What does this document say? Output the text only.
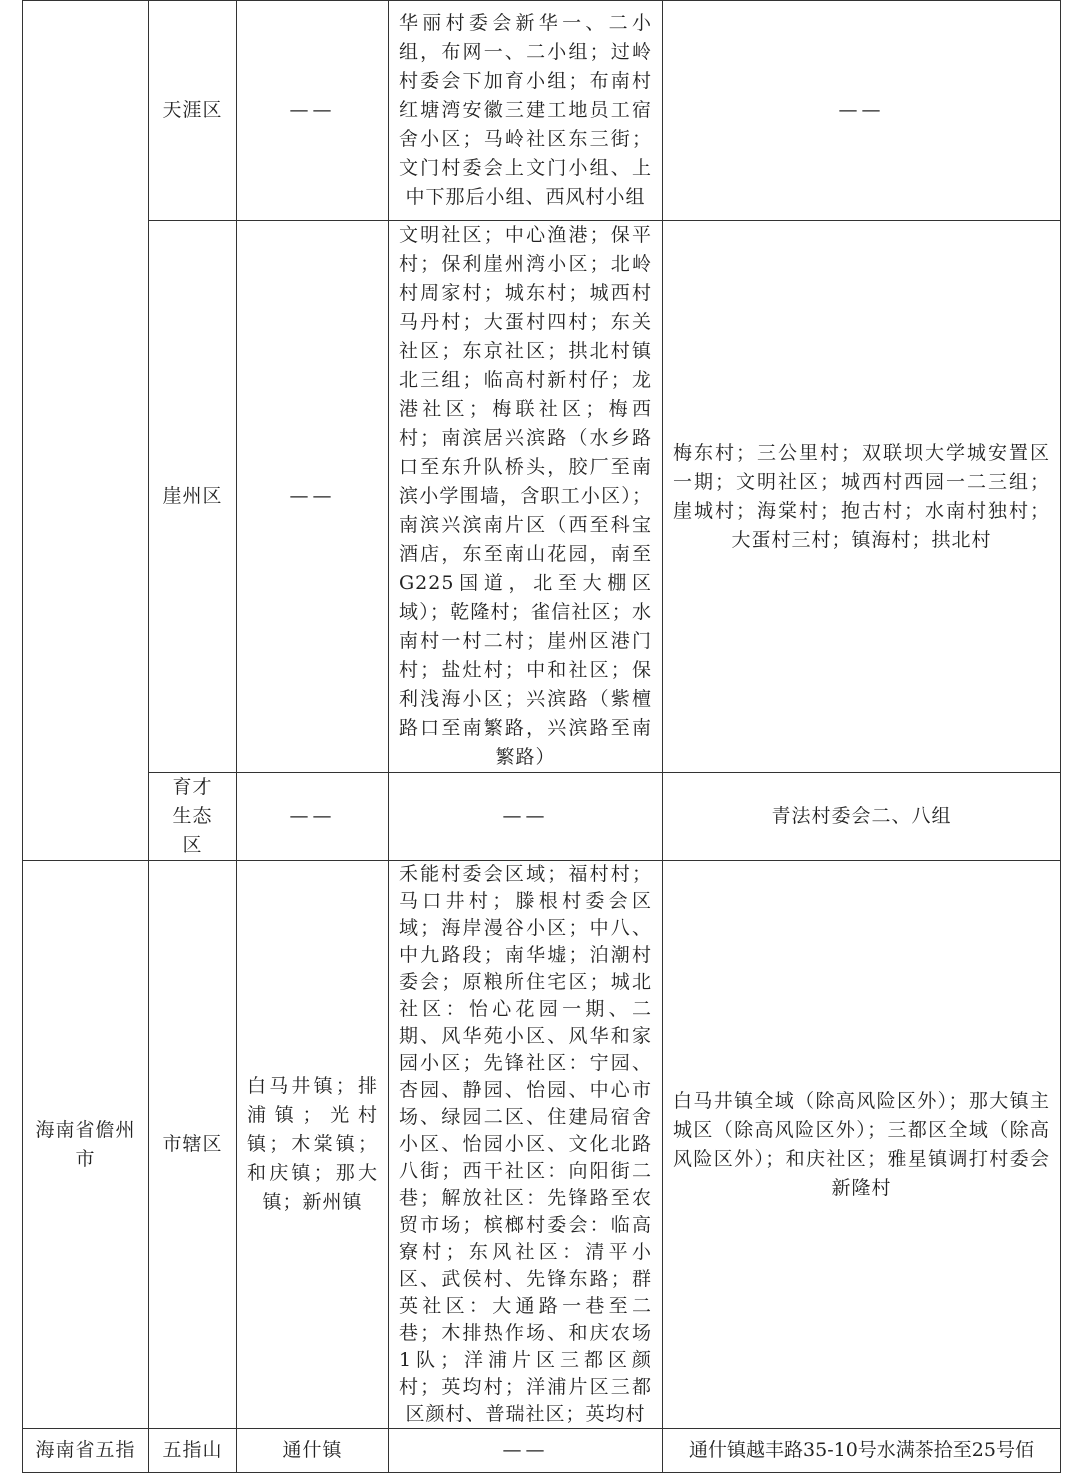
	天涯区	——	华丽村委会新华一、二小组，布网一、二小组；过岭村委会下加育小组；布南村红塘湾安徽三建工地员工宿舍小区；马岭社区东三街；文门村委会上文门小组、上中下那后小组、西风村小组	——

	崖州区	——	文明社区；中心渔港；保平村；保利崖州湾小区；北岭村周家村；城东村；城西村马丹村；大蛋村四村；东关社区；东京社区；拱北村镇北三组；临高村新村仔；龙港社区；梅联社区；梅西村；南滨居兴滨路（水乡路口至东升队桥头，胶厂至南滨小学围墙，含职工小区）；南滨兴滨南片区（西至科宝酒店，东至南山花园，南至G225国道，北至大棚区域）；乾隆村；雀信社区；水南村一村二村；崖州区港门村；盐灶村；中和社区；保利浅海小区；兴滨路（紫檀路口至南繁路，兴滨路至南繁路）	梅东村；三公里村；双联坝大学城安置区一期；文明社区；城西村西园一二三组；崖城村；海棠村；抱古村；水南村独村；大蛋村三村；镇海村；拱北村

	育才生态区	——	——	青法村委会二、八组

海南省儋州市	市辖区	白马井镇；排浦镇；光村镇；木棠镇；和庆镇；那大镇；新州镇	禾能村委会区域；福村村；马口井村；滕根村委会区域；海岸漫谷小区；中八、中九路段；南华墟；泊潮村委会；原粮所住宅区；城北社区：怡心花园一期、二期、风华苑小区、风华和家园小区；先锋社区：宁园、杏园、静园、怡园、中心市场、绿园二区、住建局宿舍小区、怡园小区、文化北路八街；西干社区：向阳街二巷；解放社区：先锋路至农贸市场；槟榔村委会：临高寮村；东风社区：清平小区、武侯村、先锋东路；群英社区：大通路一巷至二巷；木排热作场、和庆农场1队；洋浦片区三都区颜村；英均村；洋浦片区三都区颜村、普瑞社区；英均村	白马井镇全域（除高风险区外）；那大镇主城区（除高风险区外）；三都区全域（除高风险区外）；和庆社区；雅星镇调打村委会新隆村

海南省五指	五指山	通什镇	——	通什镇越丰路35-10号水满茶拾至25号佰
